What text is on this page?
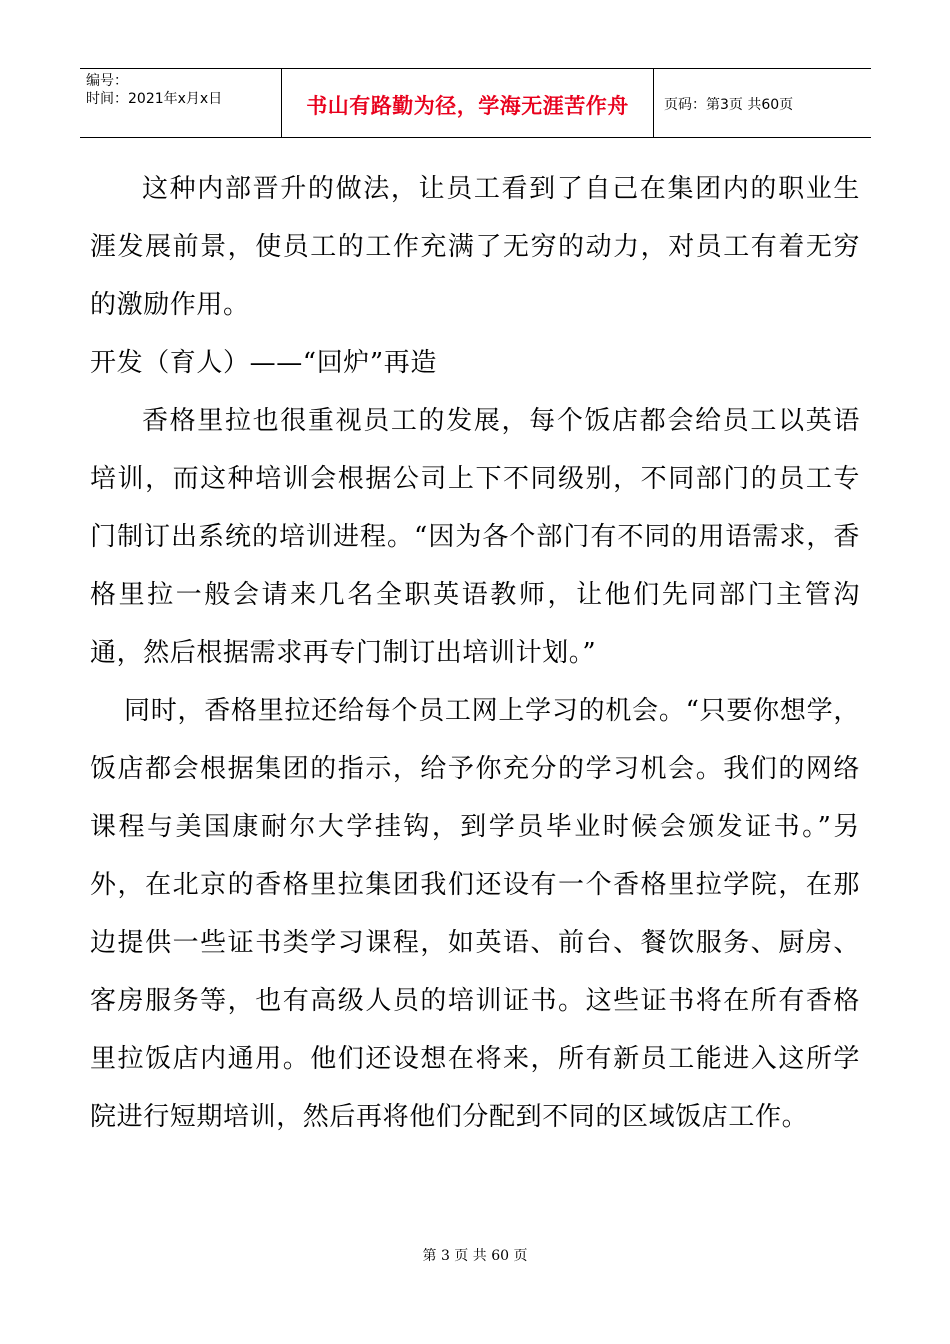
编号：
时间：2021年x月x日	书山有路勤为径，学海无涯苦作舟	页码：第3页 共60页

这种内部晋升的做法，让员工看到了自己在集团内的职业生涯发展前景，使员工的工作充满了无穷的动力，对员工有着无穷的激励作用。

开发（育人）——“回炉”再造

香格里拉也很重视员工的发展，每个饭店都会给员工以英语培训，而这种培训会根据公司上下不同级别，不同部门的员工专门制订出系统的培训进程。“因为各个部门有不同的用语需求，香格里拉一般会请来几名全职英语教师，让他们先同部门主管沟通，然后根据需求再专门制订出培训计划。”

同时，香格里拉还给每个员工网上学习的机会。“只要你想学，饭店都会根据集团的指示，给予你充分的学习机会。我们的网络课程与美国康耐尔大学挂钩，到学员毕业时候会颁发证书。”另外，在北京的香格里拉集团我们还设有一个香格里拉学院，在那边提供一些证书类学习课程，如英语、前台、餐饮服务、厨房、客房服务等，也有高级人员的培训证书。这些证书将在所有香格里拉饭店内通用。他们还设想在将来，所有新员工能进入这所学院进行短期培训，然后再将他们分配到不同的区域饭店工作。

第 3 页 共 60 页
